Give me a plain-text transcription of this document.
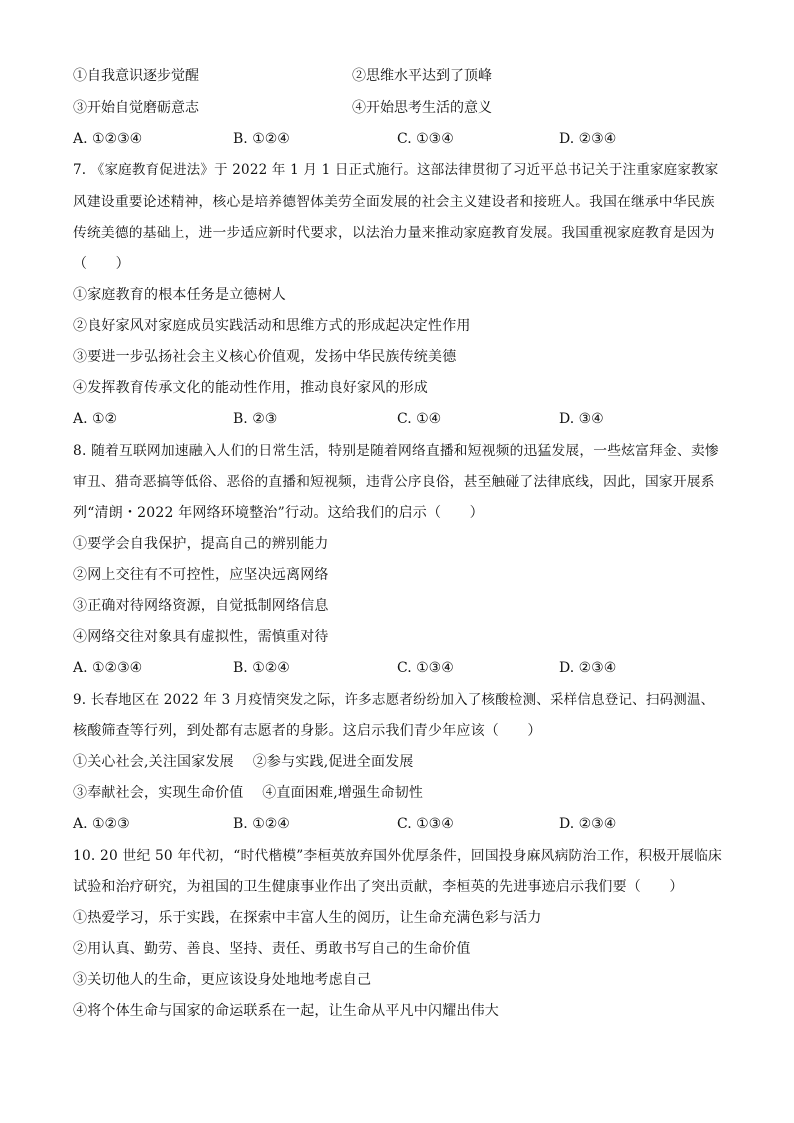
①自我意识逐步觉醒	②思维水平达到了顶峰
③开始自觉磨砺意志	④开始思考生活的意义
A. ①②③④	B. ①②④	C. ①③④	D. ②③④
7. 《家庭教育促进法》于 2022 年 1 月 1 日正式施行。这部法律贯彻了习近平总书记关于注重家庭家教家
风建设重要论述精神，核心是培养德智体美劳全面发展的社会主义建设者和接班人。我国在继承中华民族
传统美德的基础上，进一步适应新时代要求，以法治力量来推动家庭教育发展。我国重视家庭教育是因为
（　　）
①家庭教育的根本任务是立德树人
②良好家风对家庭成员实践活动和思维方式的形成起决定性作用
③要进一步弘扬社会主义核心价值观，发扬中华民族传统美德
④发挥教育传承文化的能动性作用，推动良好家风的形成
A. ①②	B. ②③	C. ①④	D. ③④
8. 随着互联网加速融入人们的日常生活，特别是随着网络直播和短视频的迅猛发展，一些炫富拜金、卖惨
审丑、猎奇恶搞等低俗、恶俗的直播和短视频，违背公序良俗，甚至触碰了法律底线，因此，国家开展系
列“清朗・2022 年网络环境整治”行动。这给我们的启示（　　）
①要学会自我保护，提高自己的辨别能力
②网上交往有不可控性，应坚决远离网络
③正确对待网络资源，自觉抵制网络信息
④网络交往对象具有虚拟性，需慎重对待
A. ①②③④	B. ①②④	C. ①③④	D. ②③④
9. 长春地区在 2022 年 3 月疫情突发之际，许多志愿者纷纷加入了核酸检测、采样信息登记、扫码测温、
核酸筛查等行列，到处都有志愿者的身影。这启示我们青少年应该（　　）
①关心社会,关注国家发展　 ②参与实践,促进全面发展
③奉献社会，实现生命价值　 ④直面困难,增强生命韧性
A. ①②③	B. ①②④	C. ①③④	D. ②③④
10. 20 世纪 50 年代初，“时代楷模”李桓英放弃国外优厚条件，回国投身麻风病防治工作，积极开展临床
试验和治疗研究，为祖国的卫生健康事业作出了突出贡献，李桓英的先进事迹启示我们要（　　）
①热爱学习，乐于实践，在探索中丰富人生的阅历，让生命充满色彩与活力
②用认真、勤劳、善良、坚持、责任、勇敢书写自己的生命价值
③关切他人的生命，更应该设身处地地考虑自己
④将个体生命与国家的命运联系在一起，让生命从平凡中闪耀出伟大
